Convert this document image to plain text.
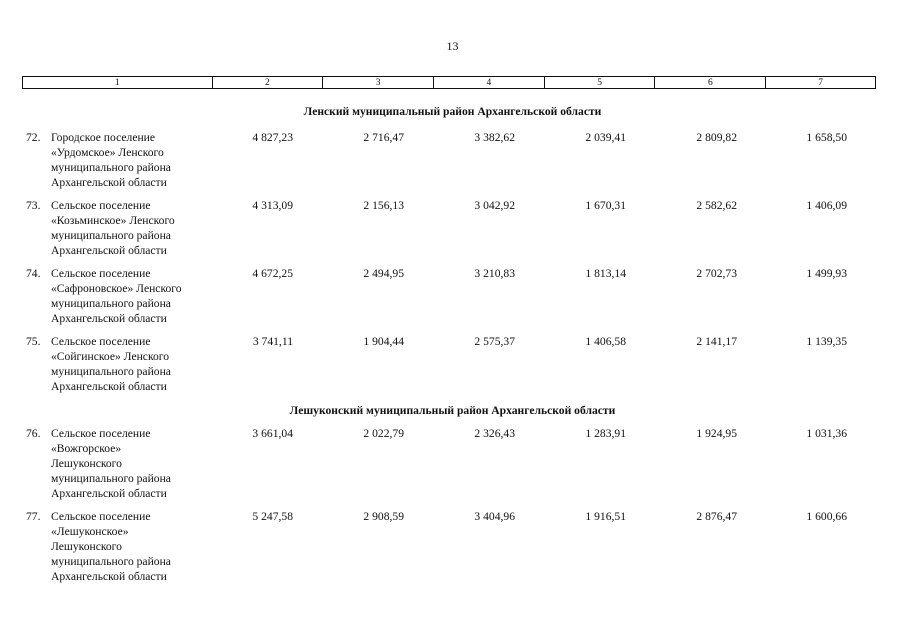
13
1	2	3	4	5	6	7
Ленский муниципальный район Архангельской области
72. Городское поселение
«Урдомское» Ленского
муниципального района
Архангельской области
4 827,23	2 716,47	3 382,62	2 039,41	2 809,82	1 658,50
73. Сельское поселение
«Козьминское» Ленского
муниципального района
Архангельской области
4 313,09	2 156,13	3 042,92	1 670,31	2 582,62	1 406,09
74. Сельское поселение
«Сафроновское» Ленского
муниципального района
Архангельской области
4 672,25	2 494,95	3 210,83	1 813,14	2 702,73	1 499,93
75. Сельское поселение
«Сойгинское» Ленского
муниципального района
Архангельской области
3 741,11	1 904,44	2 575,37	1 406,58	2 141,17	1 139,35
Лешуконский муниципальный район Архангельской области
76. Сельское поселение
«Вожгорское»
Лешуконского
муниципального района
Архангельской области
3 661,04	2 022,79	2 326,43	1 283,91	1 924,95	1 031,36
77. Сельское поселение
«Лешуконское»
Лешуконского
муниципального района
Архангельской области
5 247,58	2 908,59	3 404,96	1 916,51	2 876,47	1 600,66
